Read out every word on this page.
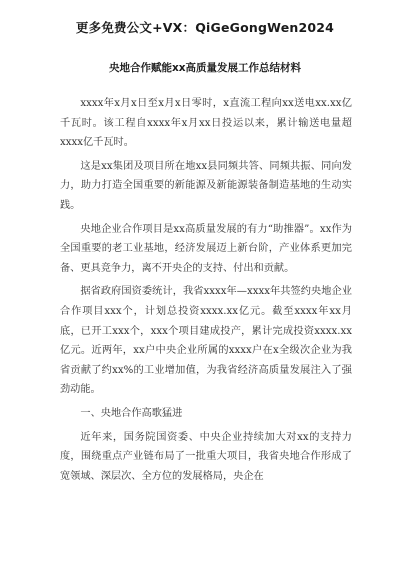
更多免费公文+VX：QiGeGongWen2024
央地合作赋能xx高质量发展工作总结材料

xxxx年x月x日至x月x日零时，x直流工程向xx送电xx.xx亿千瓦时。该工程自xxxx年x月xx日投运以来，累计输送电量超xxxx亿千瓦时。

这是xx集团及项目所在地xx县同频共答、同频共振、同向发力，助力打造全国重要的新能源及新能源装备制造基地的生动实践。

央地企业合作项目是xx高质量发展的有力“助推器”。xx作为全国重要的老工业基地，经济发展迈上新台阶，产业体系更加完备、更具竞争力，离不开央企的支持、付出和贡献。

据省政府国资委统计，我省xxxx年—xxxx年共签约央地企业合作项目xxx个，计划总投资xxxx.xx亿元。截至xxxx年xx月底，已开工xxx个，xxx个项目建成投产，累计完成投资xxxx.xx亿元。近两年，xx户中央企业所属的xxxx户在x全级次企业为我省贡献了约xx%的工业增加值，为我省经济高质量发展注入了强劲动能。

一、央地合作高歌猛进

近年来，国务院国资委、中央企业持续加大对xx的支持力度，围绕重点产业链布局了一批重大项目，我省央地合作形成了宽领域、深层次、全方位的发展格局，央企在
